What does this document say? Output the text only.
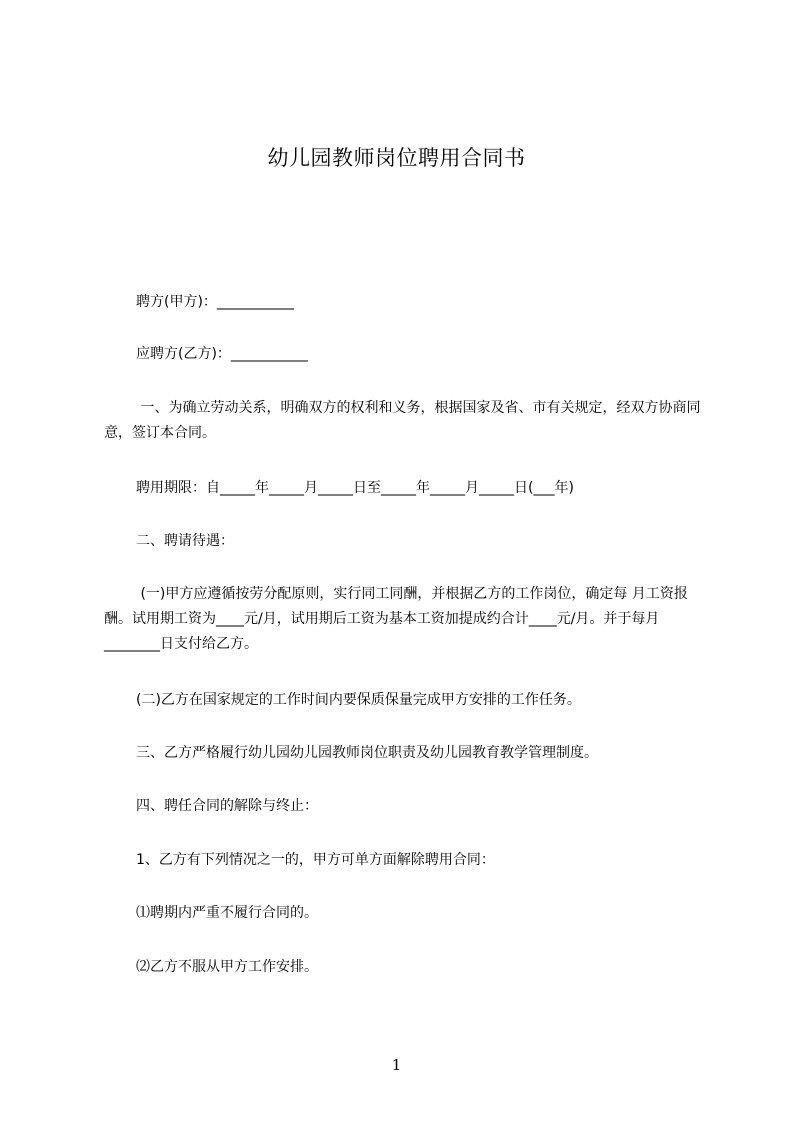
幼儿园教师岗位聘用合同书
聘方(甲方)：___________
应聘方(乙方)：___________
一、为确立劳动关系，明确双方的权利和义务，根据国家及省、市有关规定，经双方协商同意，签订本合同。
聘用期限：自_____年_____月_____日至_____年_____月_____日(___年)
二、聘请待遇：
(一)甲方应遵循按劳分配原则，实行同工同酬，并根据乙方的工作岗位，确定每 月工资报酬。试用期工资为____元/月，试用期后工资为基本工资加提成约合计____元/月。并于每月________日支付给乙方。
(二)乙方在国家规定的工作时间内要保质保量完成甲方安排的工作任务。
三、乙方严格履行幼儿园幼儿园教师岗位职责及幼儿园教育教学管理制度。
四、聘任合同的解除与终止：
1、乙方有下列情况之一的，甲方可单方面解除聘用合同：
⑴聘期内严重不履行合同的。
⑵乙方不服从甲方工作安排。
1
